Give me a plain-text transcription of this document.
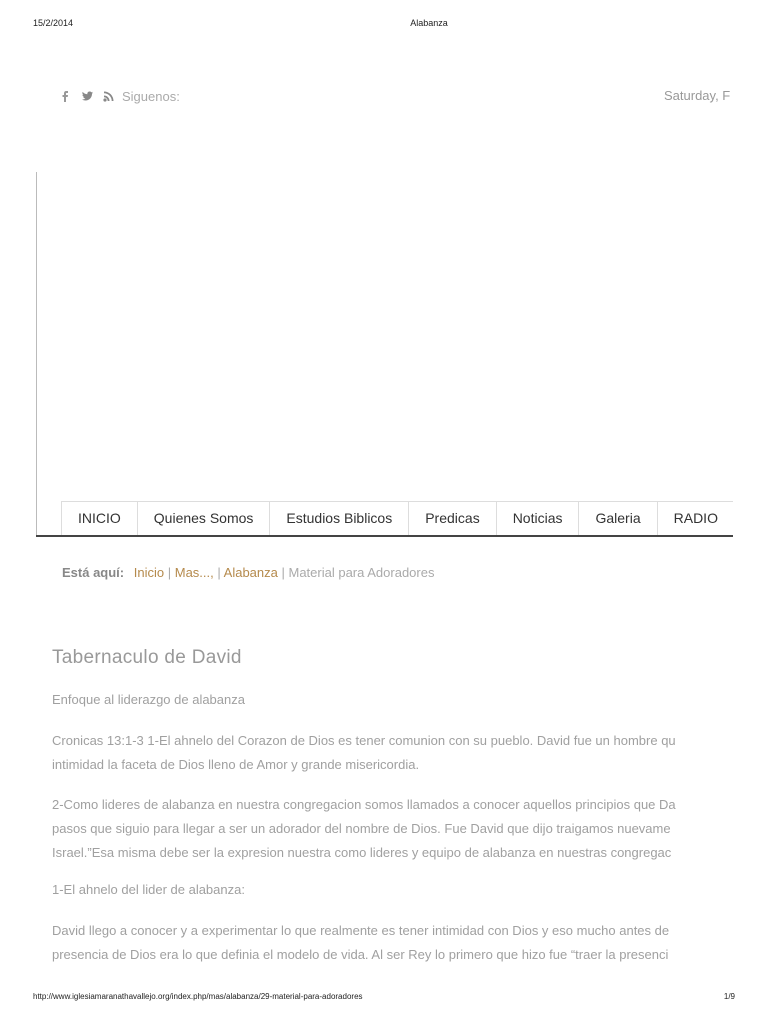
15/2/2014	Alabanza
Siguenos:	Saturday, F
INICIO	Quienes Somos	Estudios Biblicos	Predicas	Noticias	Galeria	RADIO
Está aquí: Inicio | Mas..., | Alabanza | Material para Adoradores
Tabernaculo de David
Enfoque al liderazgo de alabanza
Cronicas 13:1-3 1-El ahnelo del Corazon de Dios es tener comunion con su pueblo. David fue un hombre qu
intimidad la faceta de Dios lleno de Amor y grande misericordia.
2-Como lideres de alabanza en nuestra congregacion somos llamados a conocer aquellos principios que Da
pasos que siguio para llegar a ser un adorador del nombre de Dios. Fue David que dijo traigamos nuevame
Israel.”Esa misma debe ser la expresion nuestra como lideres y equipo de alabanza en nuestras congregac
1-El ahnelo del lider de alabanza:
David llego a conocer y a experimentar lo que realmente es tener intimidad con Dios y eso mucho antes de
presencia de Dios era lo que definia el modelo de vida. Al ser Rey lo primero que hizo fue “traer la presenci
http://www.iglesiamaranathavallejo.org/index.php/mas/alabanza/29-material-para-adoradores	1/9
